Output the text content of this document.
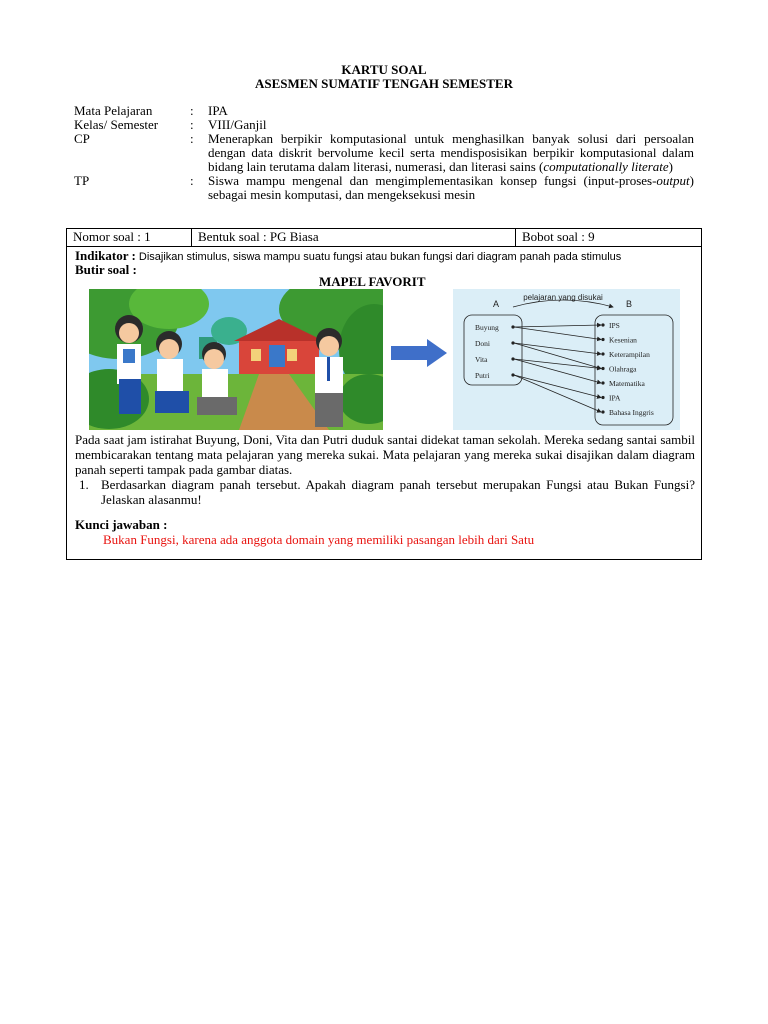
KARTU SOAL
ASESMEN SUMATIF TENGAH SEMESTER
Mata Pelajaran	:	IPA
Kelas/ Semester	:	VIII/Ganjil
CP	:	Menerapkan berpikir komputasional untuk menghasilkan banyak solusi dari persoalan dengan data diskrit bervolume kecil serta mendisposisikan berpikir komputasional dalam bidang lain terutama dalam literasi, numerasi, dan literasi sains (computationally literate)
TP	:	Siswa mampu mengenal dan mengimplementasikan konsep fungsi (input-proses-output) sebagai mesin komputasi, dan mengeksekusi mesin
Nomor soal : 1	Bentuk soal : PG Biasa	Bobot soal : 9
Indikator : Disajikan stimulus, siswa mampu suatu fungsi atau bukan fungsi dari diagram panah pada stimulus
Butir soal :
MAPEL FAVORIT
pelajaran yang disukai
A	B
Buyung
Doni
Vita
Putri
IPS
Kesenian
Keterampilan
Olahraga
Matematika
IPA
Bahasa Inggris
Pada saat jam istirahat Buyung, Doni, Vita dan Putri duduk santai didekat taman sekolah. Mereka sedang santai sambil membicarakan tentang mata pelajaran yang mereka sukai. Mata pelajaran yang mereka sukai disajikan dalam diagram panah seperti tampak pada gambar diatas.
1. Berdasarkan diagram panah tersebut. Apakah diagram panah tersebut merupakan Fungsi atau Bukan Fungsi? Jelaskan alasanmu!
Kunci jawaban :
Bukan Fungsi, karena ada anggota domain yang memiliki pasangan lebih dari Satu
